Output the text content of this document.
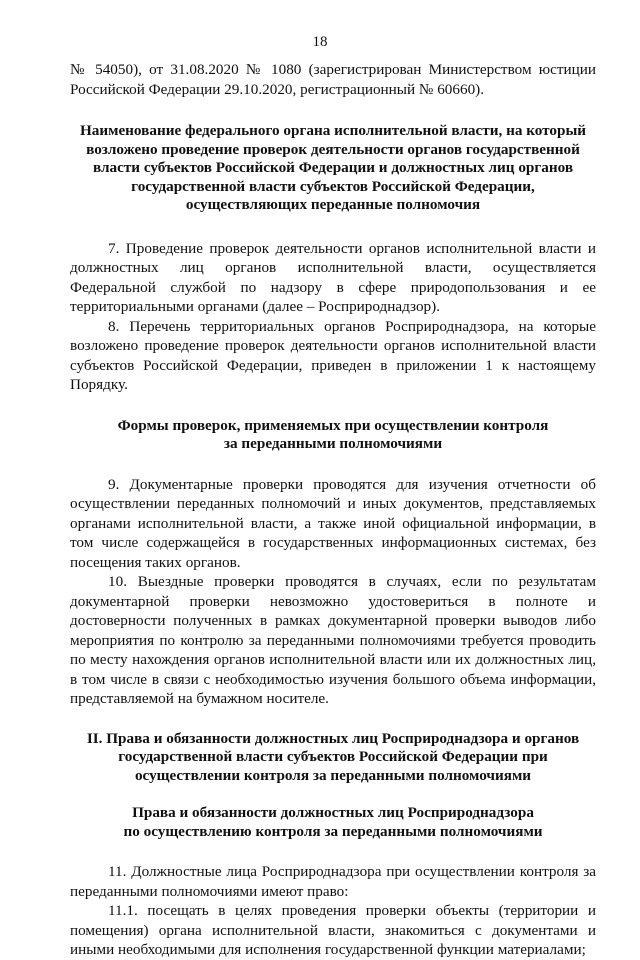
18

№ 54050), от 31.08.2020 № 1080 (зарегистрирован Министерством юстиции Российской Федерации 29.10.2020, регистрационный № 60660).

Наименование федерального органа исполнительной власти, на который
возложено проведение проверок деятельности органов государственной
власти субъектов Российской Федерации и должностных лиц органов
государственной власти субъектов Российской Федерации,
осуществляющих переданные полномочия

7. Проведение проверок деятельности органов исполнительной власти и должностных лиц органов исполнительной власти, осуществляется Федеральной службой по надзору в сфере природопользования и ее территориальными органами (далее – Росприроднадзор).

8. Перечень территориальных органов Росприроднадзора, на которые возложено проведение проверок деятельности органов исполнительной власти субъектов Российской Федерации, приведен в приложении 1 к настоящему Порядку.

Формы проверок, применяемых при осуществлении контроля
за переданными полномочиями

9. Документарные проверки проводятся для изучения отчетности об осуществлении переданных полномочий и иных документов, представляемых органами исполнительной власти, а также иной официальной информации, в том числе содержащейся в государственных информационных системах, без посещения таких органов.

10. Выездные проверки проводятся в случаях, если по результатам документарной проверки невозможно удостовериться в полноте и достоверности полученных в рамках документарной проверки выводов либо мероприятия по контролю за переданными полномочиями требуется проводить по месту нахождения органов исполнительной власти или их должностных лиц, в том числе в связи с необходимостью изучения большого объема информации, представляемой на бумажном носителе.

II. Права и обязанности должностных лиц Росприроднадзора и органов
государственной власти субъектов Российской Федерации при
осуществлении контроля за переданными полномочиями
Права и обязанности должностных лиц Росприроднадзора
по осуществлению контроля за переданными полномочиями

11. Должностные лица Росприроднадзора при осуществлении контроля за переданными полномочиями имеют право:

11.1. посещать в целях проведения проверки объекты (территории и помещения) органа исполнительной власти, знакомиться с документами и иными необходимыми для исполнения государственной функции материалами;
